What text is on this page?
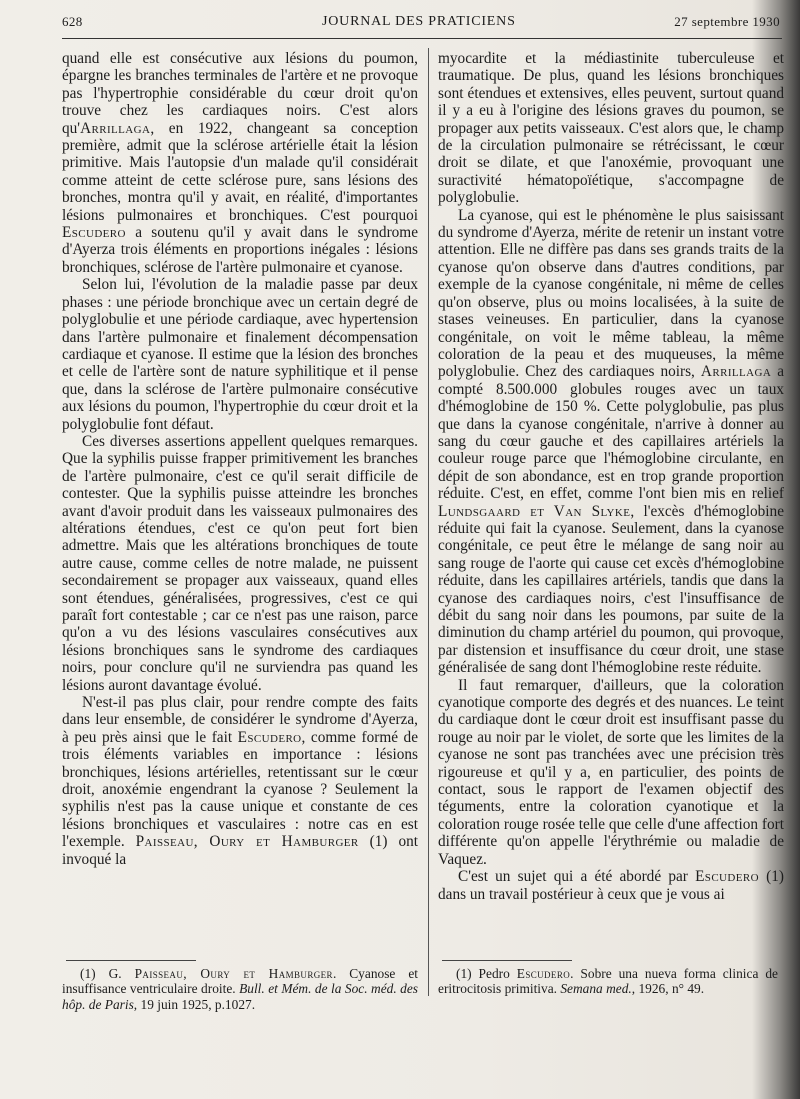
628	JOURNAL DES PRATICIENS	27 septembre 1930

quand elle est consécutive aux lésions du poumon, épargne les branches terminales de l'artère et ne provoque pas l'hypertrophie considérable du cœur droit qu'on trouve chez les cardiaques noirs. C'est alors qu'Arrillaga, en 1922, changeant sa conception première, admit que la sclérose artérielle était la lésion primitive. Mais l'autopsie d'un malade qu'il considérait comme atteint de cette sclérose pure, sans lésions des bronches, montra qu'il y avait, en réalité, d'importantes lésions pulmonaires et bronchiques. C'est pourquoi Escudero a soutenu qu'il y avait dans le syndrome d'Ayerza trois éléments en proportions inégales : lésions bronchiques, sclérose de l'artère pulmonaire et cyanose.

Selon lui, l'évolution de la maladie passe par deux phases : une période bronchique avec un certain degré de polyglobulie et une période cardiaque, avec hypertension dans l'artère pulmonaire et finalement décompensation cardiaque et cyanose. Il estime que la lésion des bronches et celle de l'artère sont de nature syphilitique et il pense que, dans la sclérose de l'artère pulmonaire consécutive aux lésions du poumon, l'hypertrophie du cœur droit et la polyglobulie font défaut.

Ces diverses assertions appellent quelques remarques. Que la syphilis puisse frapper primitivement les branches de l'artère pulmonaire, c'est ce qu'il serait difficile de contester. Que la syphilis puisse atteindre les bronches avant d'avoir produit dans les vaisseaux pulmonaires des altérations étendues, c'est ce qu'on peut fort bien admettre. Mais que les altérations bronchiques de toute autre cause, comme celles de notre malade, ne puissent secondairement se propager aux vaisseaux, quand elles sont étendues, généralisées, progressives, c'est ce qui paraît fort contestable ; car ce n'est pas une raison, parce qu'on a vu des lésions vasculaires consécutives aux lésions bronchiques sans le syndrome des cardiaques noirs, pour conclure qu'il ne surviendra pas quand les lésions auront davantage évolué.

N'est-il pas plus clair, pour rendre compte des faits dans leur ensemble, de considérer le syndrome d'Ayerza, à peu près ainsi que le fait Escudero, comme formé de trois éléments variables en importance : lésions bronchiques, lésions artérielles, retentissant sur le cœur droit, anoxémie engendrant la cyanose ? Seulement la syphilis n'est pas la cause unique et constante de ces lésions bronchiques et vasculaires : notre cas en est l'exemple. Paisseau, Oury et Hamburger (1) ont invoqué la

myocardite et la médiastinite tuberculeuse et traumatique. De plus, quand les lésions bronchiques sont étendues et extensives, elles peuvent, surtout quand il y a eu à l'origine des lésions graves du poumon, se propager aux petits vaisseaux. C'est alors que, le champ de la circulation pulmonaire se rétrécissant, le cœur droit se dilate, et que l'anoxémie, provoquant une suractivité hématopoïétique, s'accompagne de polyglobulie.

La cyanose, qui est le phénomène le plus saisissant du syndrome d'Ayerza, mérite de retenir un instant votre attention. Elle ne diffère pas dans ses grands traits de la cyanose qu'on observe dans d'autres conditions, par exemple de la cyanose congénitale, ni même de celles qu'on observe, plus ou moins localisées, à la suite de stases veineuses. En particulier, dans la cyanose congénitale, on voit le même tableau, la même coloration de la peau et des muqueuses, la même polyglobulie. Chez des cardiaques noirs, Arrillaga a compté 8.500.000 globules rouges avec un taux d'hémoglobine de 150 %. Cette polyglobulie, pas plus que dans la cyanose congénitale, n'arrive à donner au sang du cœur gauche et des capillaires artériels la couleur rouge parce que l'hémoglobine circulante, en dépit de son abondance, est en trop grande proportion réduite. C'est, en effet, comme l'ont bien mis en relief Lundsgaard et Van Slyke, l'excès d'hémoglobine réduite qui fait la cyanose. Seulement, dans la cyanose congénitale, ce peut être le mélange de sang noir au sang rouge de l'aorte qui cause cet excès d'hémoglobine réduite, dans les capillaires artériels, tandis que dans la cyanose des cardiaques noirs, c'est l'insuffisance de débit du sang noir dans les poumons, par suite de la diminution du champ artériel du poumon, qui provoque, par distension et insuffisance du cœur droit, une stase généralisée de sang dont l'hémoglobine reste réduite.

Il faut remarquer, d'ailleurs, que la coloration cyanotique comporte des degrés et des nuances. Le teint du cardiaque dont le cœur droit est insuffisant passe du rouge au noir par le violet, de sorte que les limites de la cyanose ne sont pas tranchées avec une précision très rigoureuse et qu'il y a, en particulier, des points de contact, sous le rapport de l'examen objectif des téguments, entre la coloration cyanotique et la coloration rouge rosée telle que celle d'une affection fort différente qu'on appelle l'érythrémie ou maladie de Vaquez.

C'est un sujet qui a été abordé par Escudero (1) dans un travail postérieur à ceux que je vous ai

(1) G. Paisseau, Oury et Hamburger. Cyanose et insuffisance ventriculaire droite. Bull. et Mém. de la Soc. méd. des hôp. de Paris, 19 juin 1925, p.1027.

(1) Pedro Escudero. Sobre una nueva forma clinica de eritrocitosis primitiva. Semana med., 1926, n° 49.
